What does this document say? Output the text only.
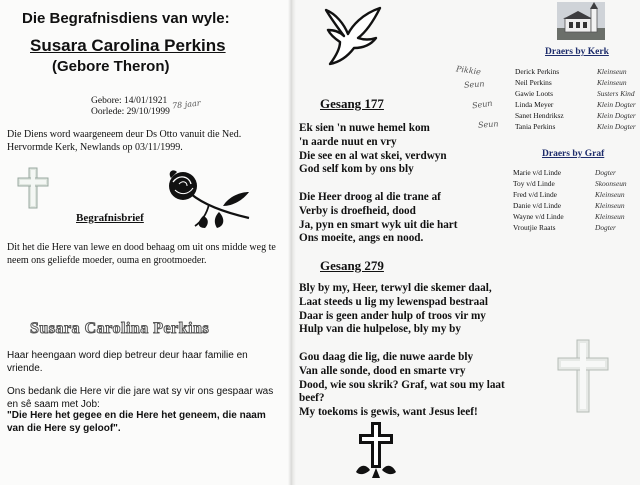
Die Begrafnisdiens van wyle:

Susara Carolina Perkins

(Gebore Theron)

Gebore: 14/01/1921

Oorlede: 29/10/1999

78 jaar

Die Diens word waargeneem deur Ds Otto vanuit die Ned. Hervormde Kerk, Newlands op 03/11/1999.

Begrafnisbrief

Dit het die Here van lewe en dood behaag om uit ons midde weg te neem ons geliefde moeder, ouma en grootmoeder.

Susara Carolina Perkins

Haar heengaan word diep betreur deur haar familie en vriende.

Ons bedank die Here vir die jare wat sy vir ons gespaar was en sê saam met Job:

"Die Here het gegee en die Here het geneem, die naam van die Here sy geloof".

Gesang 177

Ek sien 'n nuwe hemel kom
'n aarde nuut en vry
Die see en al wat skei, verdwyn
God self kom by ons bly
Die Heer droog al die trane af
Verby is droefheid, dood
Ja, pyn en smart wyk uit die hart
Ons moeite, angs en nood.

Gesang 279

Bly by my, Heer, terwyl die skemer daal,
Laat steeds u lig my lewenspad bestraal
Daar is geen ander hulp of troos vir my
Hulp van die hulpelose, bly my by
Gou daag die lig, die nuwe aarde bly
Van alle sonde, dood en smarte vry
Dood, wie sou skrik? Graf, wat sou my laat
beef?
My toekoms is gewis, want Jesus leef!

Draers by Kerk

Pikkie

Seun

Seun

Seun

Derick Perkins	Kleinseun
Neil Perkins	Kleinseun
Gawie Loots	Susters Kind
Linda Meyer	Klein Dogter
Sanet Hendriksz	Klein Dogter
Tania Perkins	Klein Dogter

Draers by Graf

Marie v/d Linde	Dogter
Toy v/d Linde	Skoonseun
Fred v/d Linde	Kleinseun
Danie v/d Linde	Kleinseun
Wayne v/d Linde	Kleinseun
Vroutjie Raats	Dogter
